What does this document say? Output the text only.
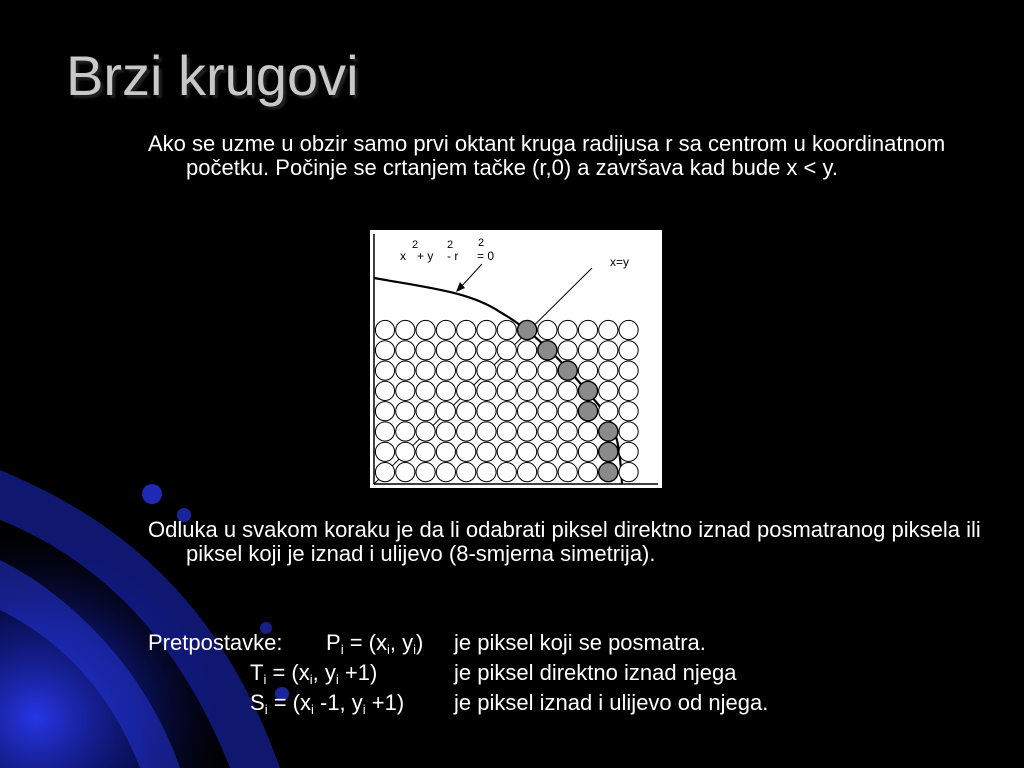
Brzi krugovi
Ako se uzme u obzir samo prvi oktant kruga radijusa r sa centrom u koordinatnom početku. Počinje se crtanjem tačke (r,0) a završava kad bude x < y.
x
2
+ y
2
- r
2
= 0	x=y
Odluka u svakom koraku je da li odabrati piksel direktno iznad posmatranog piksela ili piksel koji je iznad i ulijevo (8-smjerna simetrija).
Pretpostavke: $P_i = (x_i$, $y_i$) je piksel koji se posmatra.
$T_i = (x_i$, $y_i +1$)	je piksel direktno iznad njega
$S_i = (x_i$ -1, $y_i +1$) je piksel iznad i ulijevo od njega.
